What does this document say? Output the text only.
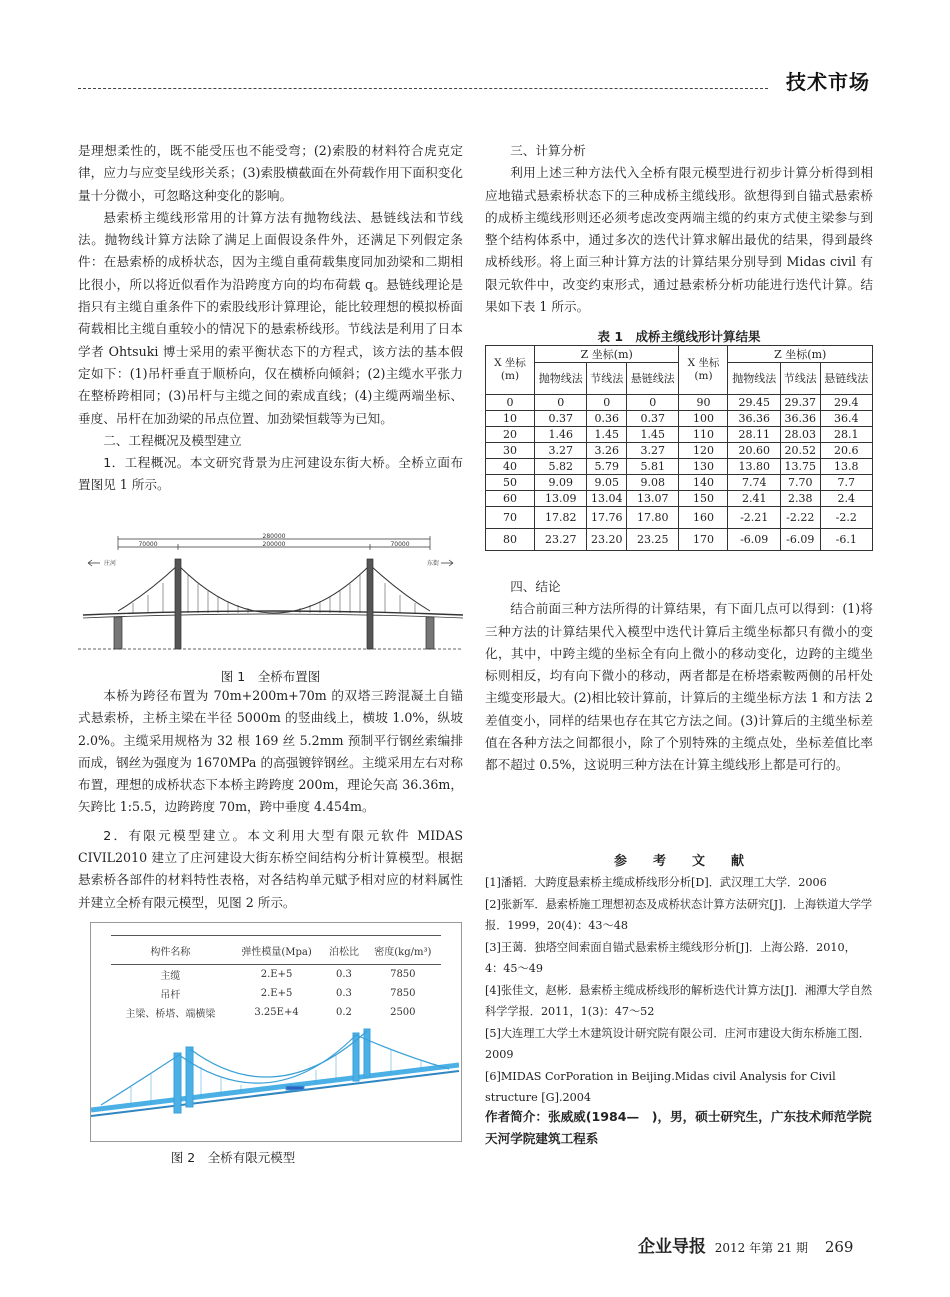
技术市场

是理想柔性的，既不能受压也不能受弯；(2)索股的材料符合虎克定律，应力与应变呈线形关系；(3)索股横截面在外荷载作用下面积变化量十分微小，可忽略这种变化的影响。

悬索桥主缆线形常用的计算方法有抛物线法、悬链线法和节线法。抛物线计算方法除了满足上面假设条件外，还满足下列假定条件：在悬索桥的成桥状态，因为主缆自重荷载集度同加劲梁和二期相比很小，所以将近似看作为沿跨度方向的均布荷载 q。悬链线理论是指只有主缆自重条件下的索股线形计算理论，能比较理想的模拟桥面荷载相比主缆自重较小的情况下的悬索桥线形。节线法是利用了日本学者 Ohtsuki 博士采用的索平衡状态下的方程式，该方法的基本假定如下：(1)吊杆垂直于顺桥向，仅在横桥向倾斜；(2)主缆水平张力在整桥跨相同；(3)吊杆与主缆之间的索成直线；(4)主缆两端坐标、垂度、吊杆在加劲梁的吊点位置、加劲梁恒载等为已知。

二、工程概况及模型建立

1．工程概况。本文研究背景为庄河建设东街大桥。全桥立面布置图见 1 所示。

280000
70000	200000	70000
庄河	东街
图 1　全桥布置图

本桥为跨径布置为 70m+200m+70m 的双塔三跨混凝土自锚式悬索桥，主桥主梁在半径 5000m 的竖曲线上，横坡 1.0%，纵坡 2.0%。主缆采用规格为 32 根 169 丝 5.2mm 预制平行钢丝索编排而成，钢丝为强度为 1670MPa 的高强镀锌钢丝。主缆采用左右对称布置，理想的成桥状态下本桥主跨跨度 200m，理论矢高 36.36m，矢跨比 1:5.5，边跨跨度 70m，跨中垂度 4.454m。

2．有限元模型建立。本文利用大型有限元软件 MIDAS CIVIL2010 建立了庄河建设大街东桥空间结构分析计算模型。根据悬索桥各部件的材料特性表格，对各结构单元赋予相对应的材料属性并建立全桥有限元模型，见图 2 所示。

构件名称	弹性模量(Mpa)	泊松比	密度(kg/m³)
主缆	2.E+5	0.3	7850
吊杆	2.E+5	0.3	7850
主梁、桥塔、端横梁	3.25E+4	0.2	2500
图 2　全桥有限元模型

三、计算分析

利用上述三种方法代入全桥有限元模型进行初步计算分析得到相应地锚式悬索桥状态下的三种成桥主缆线形。欲想得到自锚式悬索桥的成桥主缆线形则还必须考虑改变两端主缆的约束方式使主梁参与到整个结构体系中，通过多次的迭代计算求解出最优的结果，得到最终成桥线形。将上面三种计算方法的计算结果分别导到 Midas civil 有限元软件中，改变约束形式，通过悬索桥分析功能进行迭代计算。结果如下表 1 所示。

表 1　成桥主缆线形计算结果
X 坐标(m)	Z 坐标(m)			X 坐标(m)	Z 坐标(m)		
	抛物线法	节线法	悬链线法		抛物线法	节线法	悬链线法
0	0	0	0	90	29.45	29.37	29.4
10	0.37	0.36	0.37	100	36.36	36.36	36.4
20	1.46	1.45	1.45	110	28.11	28.03	28.1
30	3.27	3.26	3.27	120	20.60	20.52	20.6
40	5.82	5.79	5.81	130	13.80	13.75	13.8
50	9.09	9.05	9.08	140	7.74	7.70	7.7
60	13.09	13.04	13.07	150	2.41	2.38	2.4
70	17.82	17.76	17.80	160	-2.21	-2.22	-2.2
80	23.27	23.20	23.25	170	-6.09	-6.09	-6.1

四、结论

结合前面三种方法所得的计算结果，有下面几点可以得到：(1)将三种方法的计算结果代入模型中迭代计算后主缆坐标都只有微小的变化，其中，中跨主缆的坐标全有向上微小的移动变化，边跨的主缆坐标则相反，均有向下微小的移动，两者都是在桥塔索鞍两侧的吊杆处主缆变形最大。(2)相比较计算前，计算后的主缆坐标方法 1 和方法 2 差值变小，同样的结果也存在其它方法之间。(3)计算后的主缆坐标差值在各种方法之间都很小，除了个别特殊的主缆点处，坐标差值比率都不超过 0.5%，这说明三种方法在计算主缆线形上都是可行的。

参　　考　　文　　献

[1]潘韬．大跨度悬索桥主缆成桥线形分析[D]．武汉理工大学．2006

[2]张新军．悬索桥施工理想初态及成桥状态计算方法研究[J]．上海铁道大学学报．1999，20(4)：43～48

[3]王蔼．独塔空间索面自锚式悬索桥主缆线形分析[J]．上海公路．2010，4：45～49

[4]张佳文，赵彬．悬索桥主缆成桥线形的解析迭代计算方法[J]．湘潭大学自然科学学报．2011，1(3)：47～52

[5]大连理工大学土木建筑设计研究院有限公司．庄河市建设大街东桥施工图．2009

[6]MIDAS CorPoration in Beijing.Midas civil Analysis for Civil structure [G].2004

作者简介：张威威(1984—　)，男，硕士研究生，广东技术师范学院天河学院建筑工程系
企业导报 2012 年第 21 期 269
